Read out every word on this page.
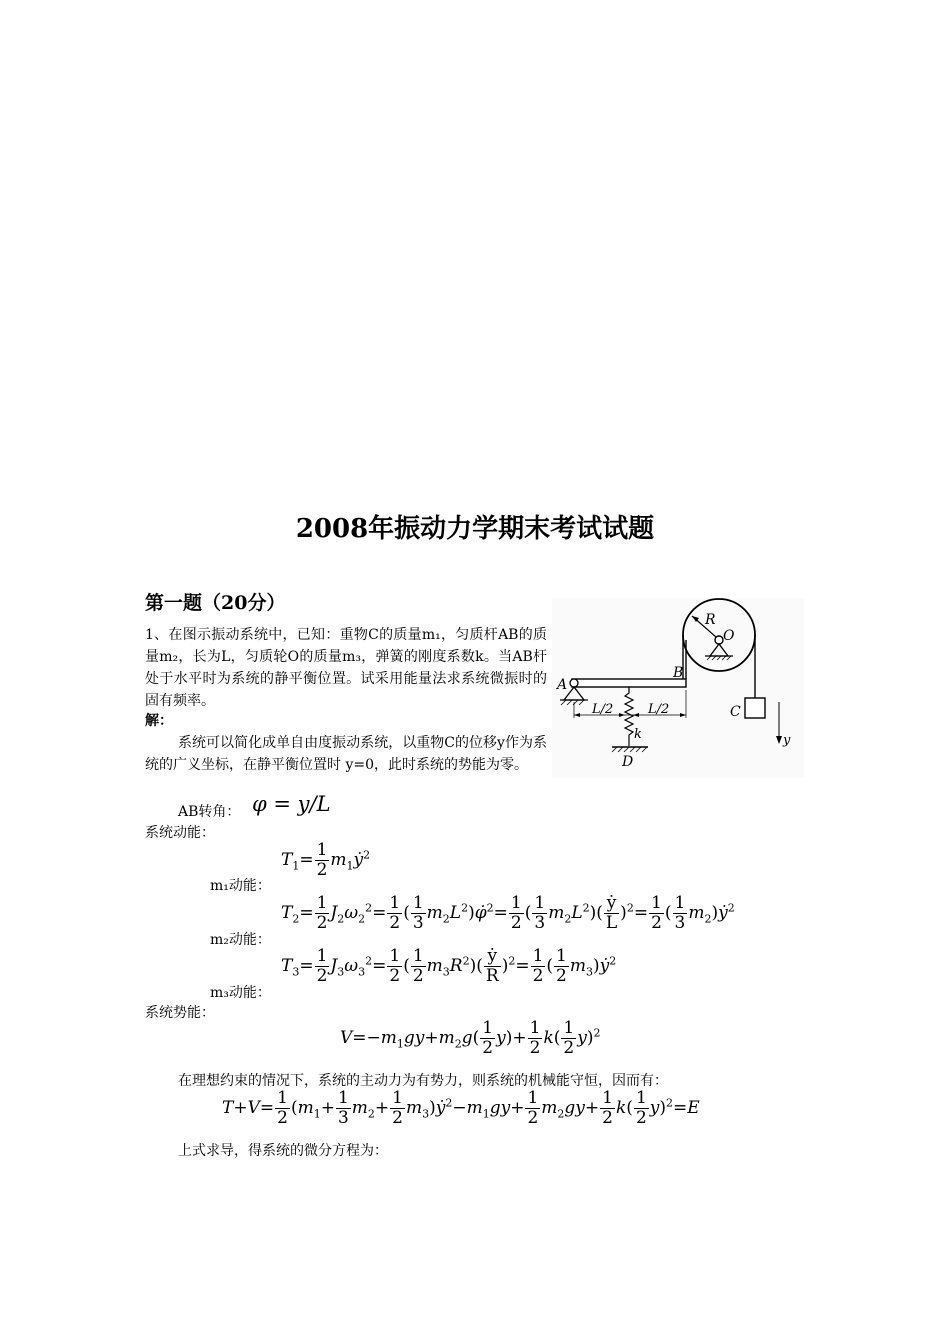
2008年振动力学期末考试试题
第一题（20分）
1、在图示振动系统中，已知：重物C的质量m₁，匀质杆AB的质量m₂，长为L，匀质轮O的质量m₃，弹簧的刚度系数k。当AB杆处于水平时为系统的静平衡位置。试采用能量法求系统微振时的固有频率。
解：
系统可以简化成单自由度振动系统，以重物C的位移y作为系统的广义坐标，在静平衡位置时 y=0，此时系统的势能为零。
R
O
C
y
A
B
k
D
L/2	L/2
AB转角： φ = y/L
系统动能：
m₁动能：
$T_1= \frac{1}{2}$ $m_1ẏ^2$
m₂动能：
$T_2= \frac{1}{2} J_2\omega_2^2= \frac{1}{2}$ ( $\frac{1}{3}$ $m_2L^2)\varphi̇^2= \frac{1}{2}$ ( $\frac{1}{3} m_2L^2)( \frac{\text{ẏ}}{L} )^2= \frac{1}{2}$ ( $\frac{1}{3}$ $m_2)ẏ^2$
m₃动能：
$T_3= \frac{1}{2} J_3\omega_3^2= \frac{1}{2}$ ( $\frac{1}{2} m_3R^2)( \frac{\text{ẏ}}{R} )^2= \frac{1}{2}$ ( $\frac{1}{2}$ $m_3)ẏ^2$
系统势能：
$V=-m_1gy+m_2g( \frac{1}{2} y)+ \frac{1}{2} k( \frac{1}{2} y)^2$
在理想约束的情况下，系统的主动力为有势力，则系统的机械能守恒，因而有：
$T+V= \frac{1}{2} (m_1+ \frac{1}{3} m_2+ \frac{1}{2}$ $m_3)ẏ^2-m_1gy+ \frac{1}{2} m_2gy+ \frac{1}{2} k( \frac{1}{2} y)^2=E$
上式求导，得系统的微分方程为：
